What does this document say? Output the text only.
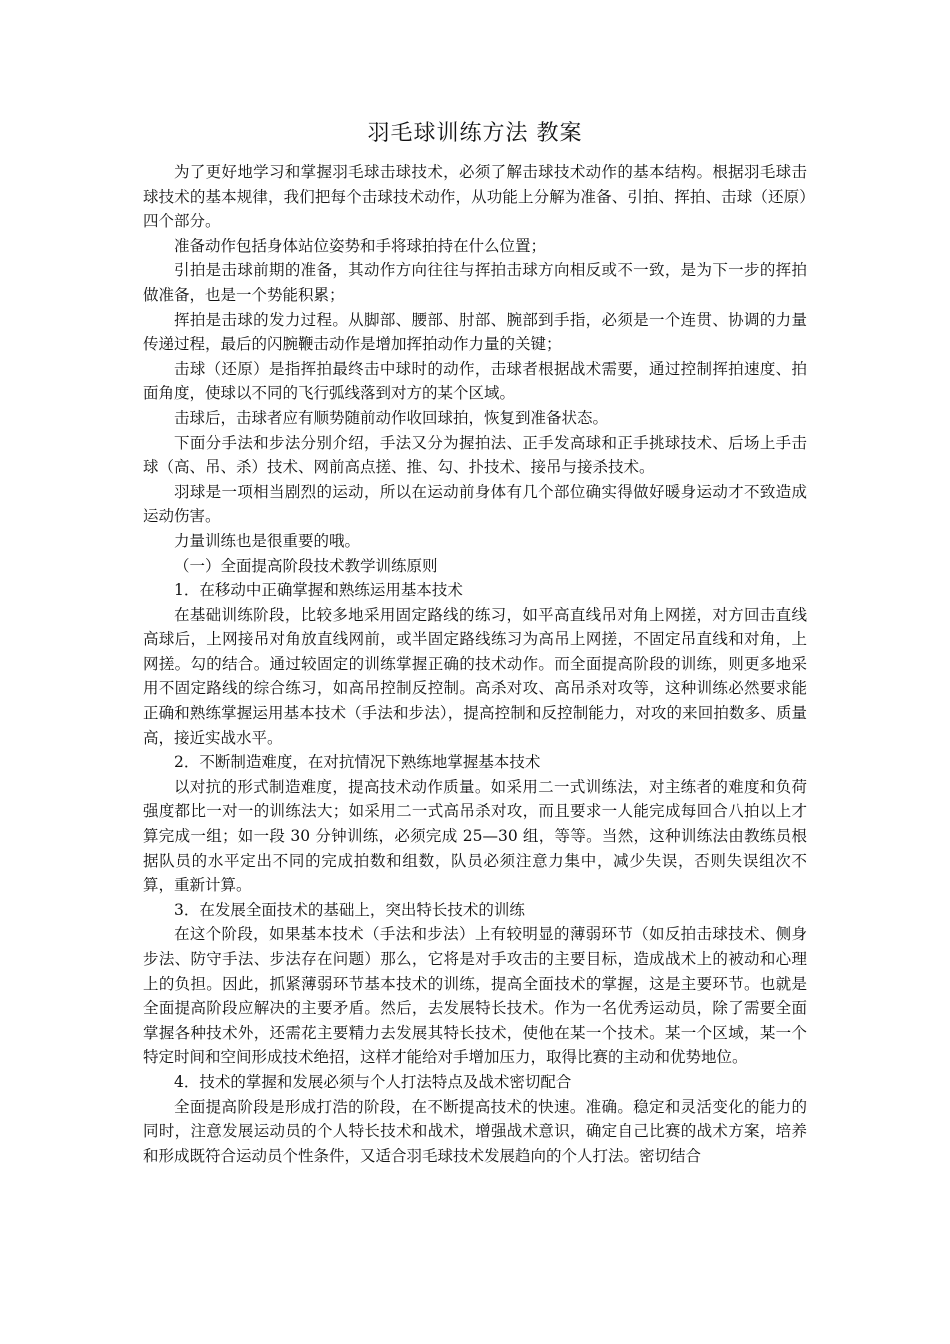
羽毛球训练方法 教案

为了更好地学习和掌握羽毛球击球技术，必须了解击球技术动作的基本结构。根据羽毛球击球技术的基本规律，我们把每个击球技术动作，从功能上分解为准备、引拍、挥拍、击球（还原）四个部分。

准备动作包括身体站位姿势和手将球拍持在什么位置；

引拍是击球前期的准备，其动作方向往往与挥拍击球方向相反或不一致，是为下一步的挥拍做准备，也是一个势能积累；

挥拍是击球的发力过程。从脚部、腰部、肘部、腕部到手指，必须是一个连贯、协调的力量传递过程，最后的闪腕鞭击动作是增加挥拍动作力量的关键；

击球（还原）是指挥拍最终击中球时的动作，击球者根据战术需要，通过控制挥拍速度、拍面角度，使球以不同的飞行弧线落到对方的某个区域。

击球后，击球者应有顺势随前动作收回球拍，恢复到准备状态。

下面分手法和步法分别介绍，手法又分为握拍法、正手发高球和正手挑球技术、后场上手击球（高、吊、杀）技术、网前高点搓、推、勾、扑技术、接吊与接杀技术。

羽球是一项相当剧烈的运动，所以在运动前身体有几个部位确实得做好暖身运动才不致造成运动伤害。

力量训练也是很重要的哦。

（一）全面提高阶段技术教学训练原则

1．在移动中正确掌握和熟练运用基本技术

在基础训练阶段，比较多地采用固定路线的练习，如平高直线吊对角上网搓，对方回击直线高球后，上网接吊对角放直线网前，或半固定路线练习为高吊上网搓，不固定吊直线和对角，上网搓。勾的结合。通过较固定的训练掌握正确的技术动作。而全面提高阶段的训练，则更多地采用不固定路线的综合练习，如高吊控制反控制。高杀对攻、高吊杀对攻等，这种训练必然要求能正确和熟练掌握运用基本技术（手法和步法），提高控制和反控制能力，对攻的来回拍数多、质量高，接近实战水平。

2．不断制造难度，在对抗情况下熟练地掌握基本技术

以对抗的形式制造难度，提高技术动作质量。如采用二一式训练法，对主练者的难度和负荷强度都比一对一的训练法大；如采用二一式高吊杀对攻，而且要求一人能完成每回合八拍以上才算完成一组；如一段 30 分钟训练，必须完成 25—30 组，等等。当然，这种训练法由教练员根据队员的水平定出不同的完成拍数和组数，队员必须注意力集中，减少失误，否则失误组次不算，重新计算。

3．在发展全面技术的基础上，突出特长技术的训练

在这个阶段，如果基本技术（手法和步法）上有较明显的薄弱环节（如反拍击球技术、侧身步法、防守手法、步法存在问题）那么，它将是对手攻击的主要目标，造成战术上的被动和心理上的负担。因此，抓紧薄弱环节基本技术的训练，提高全面技术的掌握，这是主要环节。也就是全面提高阶段应解决的主要矛盾。然后，去发展特长技术。作为一名优秀运动员，除了需要全面掌握各种技术外，还需花主要精力去发展其特长技术，使他在某一个技术。某一个区域，某一个特定时间和空间形成技术绝招，这样才能给对手增加压力，取得比赛的主动和优势地位。

4．技术的掌握和发展必须与个人打法特点及战术密切配合

全面提高阶段是形成打浩的阶段，在不断提高技术的快速。准确。稳定和灵活变化的能力的同时，注意发展运动员的个人特长技术和战术，增强战术意识，确定自己比赛的战术方案，培养和形成既符合运动员个性条件，又适合羽毛球技术发展趋向的个人打法。密切结合
